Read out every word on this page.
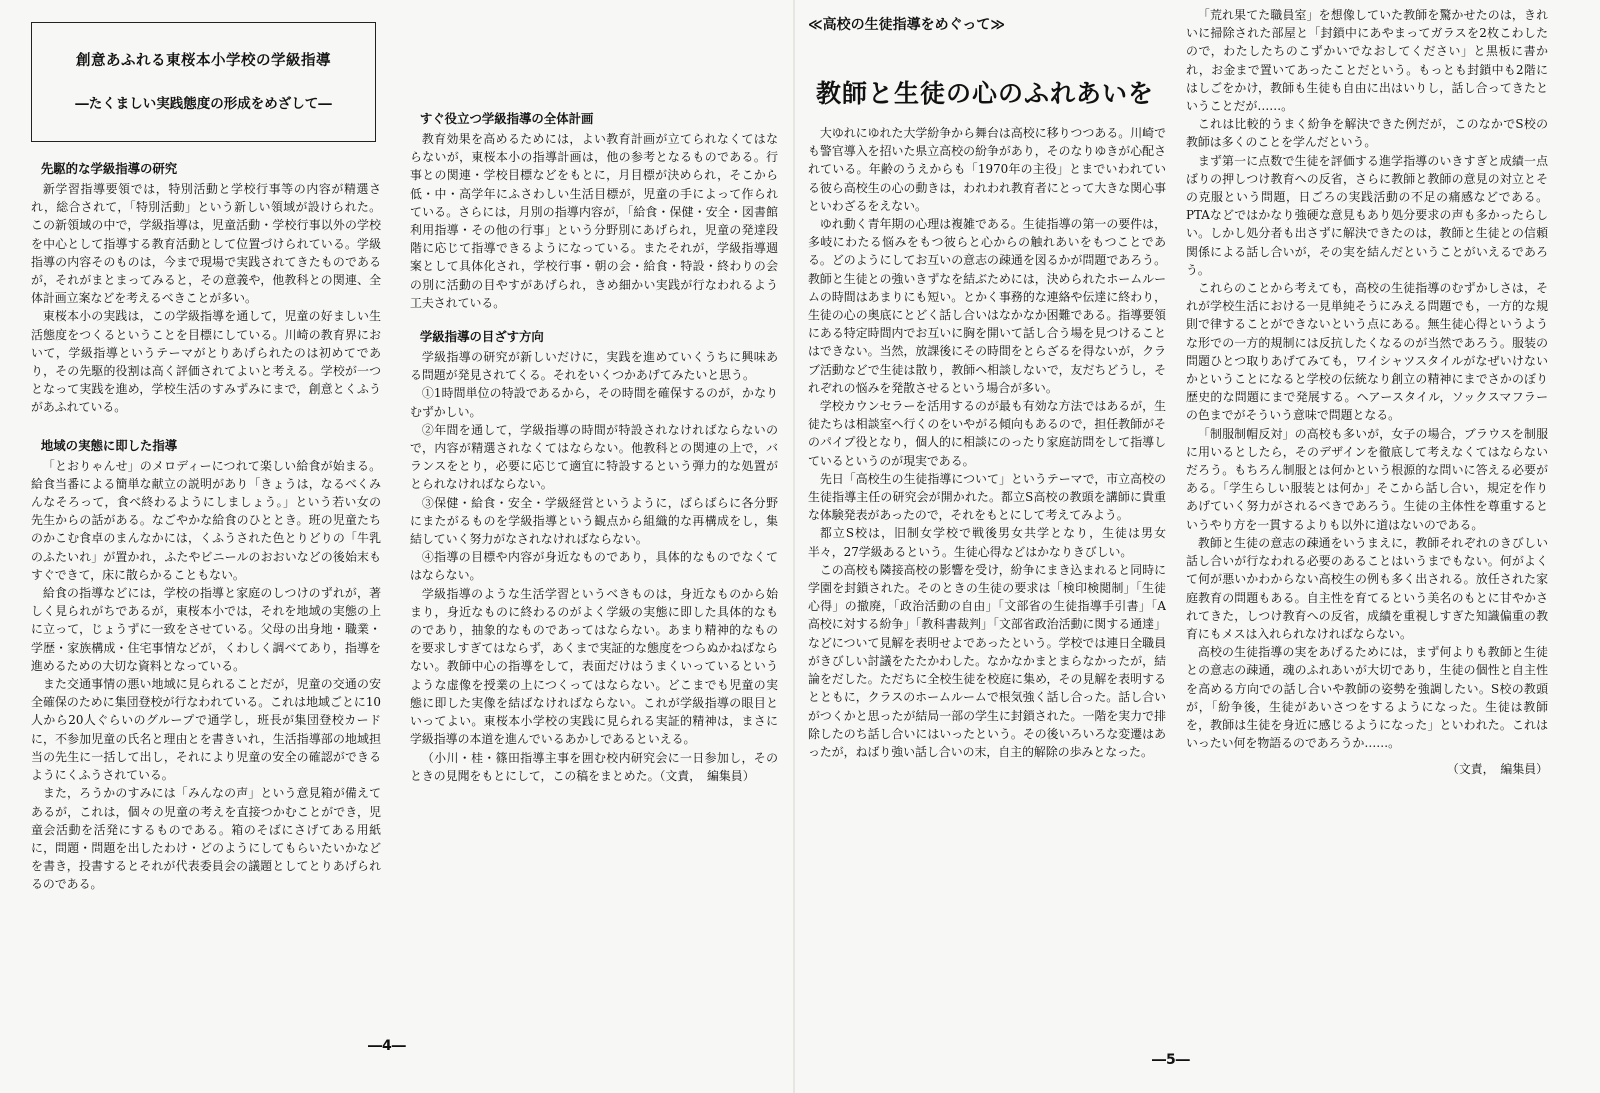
創意あふれる東桜本小学校の学級指導
―たくましい実践態度の形成をめざして―
先駆的な学級指導の研究

新学習指導要領では，特別活動と学校行事等の内容が精選され，総合されて，「特別活動」という新しい領域が設けられた。この新領域の中で，学級指導は，児童活動・学校行事以外の学校を中心として指導する教育活動として位置づけられている。学級指導の内容そのものは，今まで現場で実践されてきたものであるが，それがまとまってみると，その意義や，他教科との関連、全体計画立案などを考えるべきことが多い。

東桜本小の実践は，この学級指導を通して，児童の好ましい生活態度をつくるということを目標にしている。川崎の教育界において，学級指導というテーマがとりあげられたのは初めてであり，その先駆的役割は高く評価されてよいと考える。学校が一つとなって実践を進め，学校生活のすみずみにまで，創意とくふうがあふれている。

地域の実態に即した指導

「とおりゃんせ」のメロディーにつれて楽しい給食が始まる。給食当番による簡単な献立の説明があり「きょうは，なるべくみんなそろって，食べ終わるようにしましょう。」という若い女の先生からの話がある。なごやかな給食のひととき。班の児童たちのかこむ食卓のまんなかには，くふうされた色とりどりの「牛乳のふたいれ」が置かれ，ふたやビニールのおおいなどの後始末もすぐできて，床に散らかることもない。

給食の指導などには，学校の指導と家庭のしつけのずれが，著しく見られがちであるが，東桜本小では，それを地域の実態の上に立って，じょうずに一致をさせている。父母の出身地・職業・学歴・家族構成・住宅事情などが，くわしく調べてあり，指導を進めるための大切な資料となっている。

また交通事情の悪い地域に見られることだが，児童の交通の安全確保のために集団登校が行なわれている。これは地域ごとに10人から20人ぐらいのグループで通学し，班長が集団登校カードに，不参加児童の氏名と理由とを書きいれ，生活指導部の地域担当の先生に一括して出し，それにより児童の安全の確認ができるようにくふうされている。

また，ろうかのすみには「みんなの声」という意見箱が備えてあるが，これは，個々の児童の考えを直接つかむことができ，児童会活動を活発にするものである。箱のそばにさげてある用紙に，問題・問題を出したわけ・どのようにしてもらいたいかなどを書き，投書するとそれが代表委員会の議題としてとりあげられるのである。

すぐ役立つ学級指導の全体計画

教育効果を高めるためには，よい教育計画が立てられなくてはならないが，東桜本小の指導計画は，他の参考となるものである。行事との関連・学校目標などをもとに，月目標が決められ，そこから低・中・高学年にふさわしい生活目標が，児童の手によって作られている。さらには，月別の指導内容が，「給食・保健・安全・図書館利用指導・その他の行事」という分野別にあげられ，児童の発達段階に応じて指導できるようになっている。またそれが，学級指導週案として具体化され，学校行事・朝の会・給食・特設・終わりの会の別に活動の目やすがあげられ，きめ細かい実践が行なわれるよう工夫されている。

学級指導の目ざす方向

学級指導の研究が新しいだけに，実践を進めていくうちに興味ある問題が発見されてくる。それをいくつかあげてみたいと思う。

①1時間単位の特設であるから，その時間を確保するのが，かなりむずかしい。

②年間を通して，学級指導の時間が特設されなければならないので，内容が精選されなくてはならない。他教科との関連の上で，バランスをとり，必要に応じて適宜に特設するという弾力的な処置がとられなければならない。

③保健・給食・安全・学級経営というように，ばらばらに各分野にまたがるものを学級指導という観点から組織的な再構成をし，集結していく努力がなされなければならない。

④指導の目標や内容が身近なものであり，具体的なものでなくてはならない。

学級指導のような生活学習というべきものは，身近なものから始まり，身近なものに終わるのがよく学級の実態に即した具体的なものであり，抽象的なものであってはならない。あまり精神的なものを要求しすぎてはならず，あくまで実証的な態度をつらぬかねばならない。教師中心の指導をして，表面だけはうまくいっているというような虚像を授業の上につくってはならない。どこまでも児童の実態に即した実像を結ばなければならない。これが学級指導の眼目といってよい。東桜本小学校の実践に見られる実証的精神は，まさに学級指導の本道を進んでいるあかしであるといえる。

（小川・桂・篠田指導主事を囲む校内研究会に一日参加し，そのときの見聞をもとにして，この稿をまとめた。（文責，　編集員）

―4―
≪高校の生徒指導をめぐって≫
教師と生徒の心のふれあいを

大ゆれにゆれた大学紛争から舞台は高校に移りつつある。川崎でも警官導入を招いた県立高校の紛争があり，そのなりゆきが心配されている。年齢のうえからも「1970年の主役」とまでいわれている彼ら高校生の心の動きは，われわれ教育者にとって大きな関心事といわざるをえない。

ゆれ動く青年期の心理は複雑である。生徒指導の第一の要件は，多岐にわたる悩みをもつ彼らと心からの触れあいをもつことである。どのようにしてお互いの意志の疎通を図るかが問題であろう。教師と生徒との強いきずなを結ぶためには，決められたホームルームの時間はあまりにも短い。とかく事務的な連絡や伝達に終わり，生徒の心の奥底にとどく話し合いはなかなか困難である。指導要領にある特定時間内でお互いに胸を開いて話し合う場を見つけることはできない。当然，放課後にその時間をとらざるを得ないが，クラブ活動などで生徒は散り，教師へ相談しないで，友だちどうし，それぞれの悩みを発散させるという場合が多い。

学校カウンセラーを活用するのが最も有効な方法ではあるが，生徒たちは相談室へ行くのをいやがる傾向もあるので，担任教師がそのパイプ役となり，個人的に相談にのったり家庭訪問をして指導しているというのが現実である。

先日「高校生の生徒指導について」というテーマで，市立高校の生徒指導主任の研究会が開かれた。都立S高校の教頭を講師に貴重な体験発表があったので，それをもとにして考えてみよう。

都立S校は，旧制女学校で戦後男女共学となり，生徒は男女半々，27学級あるという。生徒心得などはかなりきびしい。

この高校も隣接高校の影響を受け，紛争にまき込まれると同時に学園を封鎖された。そのときの生徒の要求は「検印検閲制」「生徒心得」の撤廃，「政治活動の自由」「文部省の生徒指導手引書」「A高校に対する紛争」「教科書裁判」「文部省政治活動に関する通達」などについて見解を表明せよであったという。学校では連日全職員がきびしい討議をたたかわした。なかなかまとまらなかったが，結論をだした。ただちに全校生徒を校庭に集め，その見解を表明するとともに，クラスのホームルームで根気強く話し合った。話し合いがつくかと思ったが結局一部の学生に封鎖された。一階を実力で排除したのち話し合いにはいったという。その後いろいろな変遷はあったが，ねばり強い話し合いの末，自主的解除の歩みとなった。

「荒れ果てた職員室」を想像していた教師を驚かせたのは，きれいに掃除された部屋と「封鎖中にあやまってガラスを2枚こわしたので，わたしたちのこずかいでなおしてください」と黒板に書かれ，お金まで置いてあったことだという。もっとも封鎖中も2階にはしごをかけ，教師も生徒も自由に出はいりし，話し合ってきたということだが……。

これは比較的うまく紛争を解決できた例だが，このなかでS校の教師は多くのことを学んだという。

まず第一に点数で生徒を評価する進学指導のいきすぎと成績一点ばりの押しつけ教育への反省，さらに教師と教師の意見の対立とその克服という問題，日ごろの実践活動の不足の痛感などである。PTAなどではかなり強硬な意見もあり処分要求の声も多かったらしい。しかし処分者も出さずに解決できたのは，教師と生徒との信頼関係による話し合いが，その実を結んだということがいえるであろう。

これらのことから考えても，高校の生徒指導のむずかしさは，それが学校生活における一見単純そうにみえる問題でも，一方的な規則で律することができないという点にある。無生徒心得というような形での一方的規制には反抗したくなるのが当然であろう。服装の問題ひとつ取りあげてみても，ワイシャツスタイルがなぜいけないかということになると学校の伝統なり創立の精神にまでさかのぼり歴史的な問題にまで発展する。ヘアースタイル，ソックスマフラーの色までがそういう意味で問題となる。

「制服制帽反対」の高校も多いが，女子の場合，ブラウスを制服に用いるとしたら，そのデザインを徹底して考えなくてはならないだろう。もちろん制服とは何かという根源的な問いに答える必要がある。「学生らしい服装とは何か」そこから話し合い，規定を作りあげていく努力がされるべきであろう。生徒の主体性を尊重するというやり方を一貫するよりも以外に道はないのである。

教師と生徒の意志の疎通をいうまえに，教師それぞれのきびしい話し合いが行なわれる必要のあることはいうまでもない。何がよくて何が悪いかわからない高校生の例も多く出される。放任された家庭教育の問題もある。自主性を育てるという美名のもとに甘やかされてきた，しつけ教育への反省，成績を重視しすぎた知識偏重の教育にもメスは入れられなければならない。

高校の生徒指導の実をあげるためには，まず何よりも教師と生徒との意志の疎通，魂のふれあいが大切であり，生徒の個性と自主性を高める方向での話し合いや教師の姿勢を強調したい。S校の教頭が，「紛争後，生徒があいさつをするようになった。生徒は教師を，教師は生徒を身近に感じるようになった」といわれた。これはいったい何を物語るのであろうか……。

（文責，　編集員）

―5―
